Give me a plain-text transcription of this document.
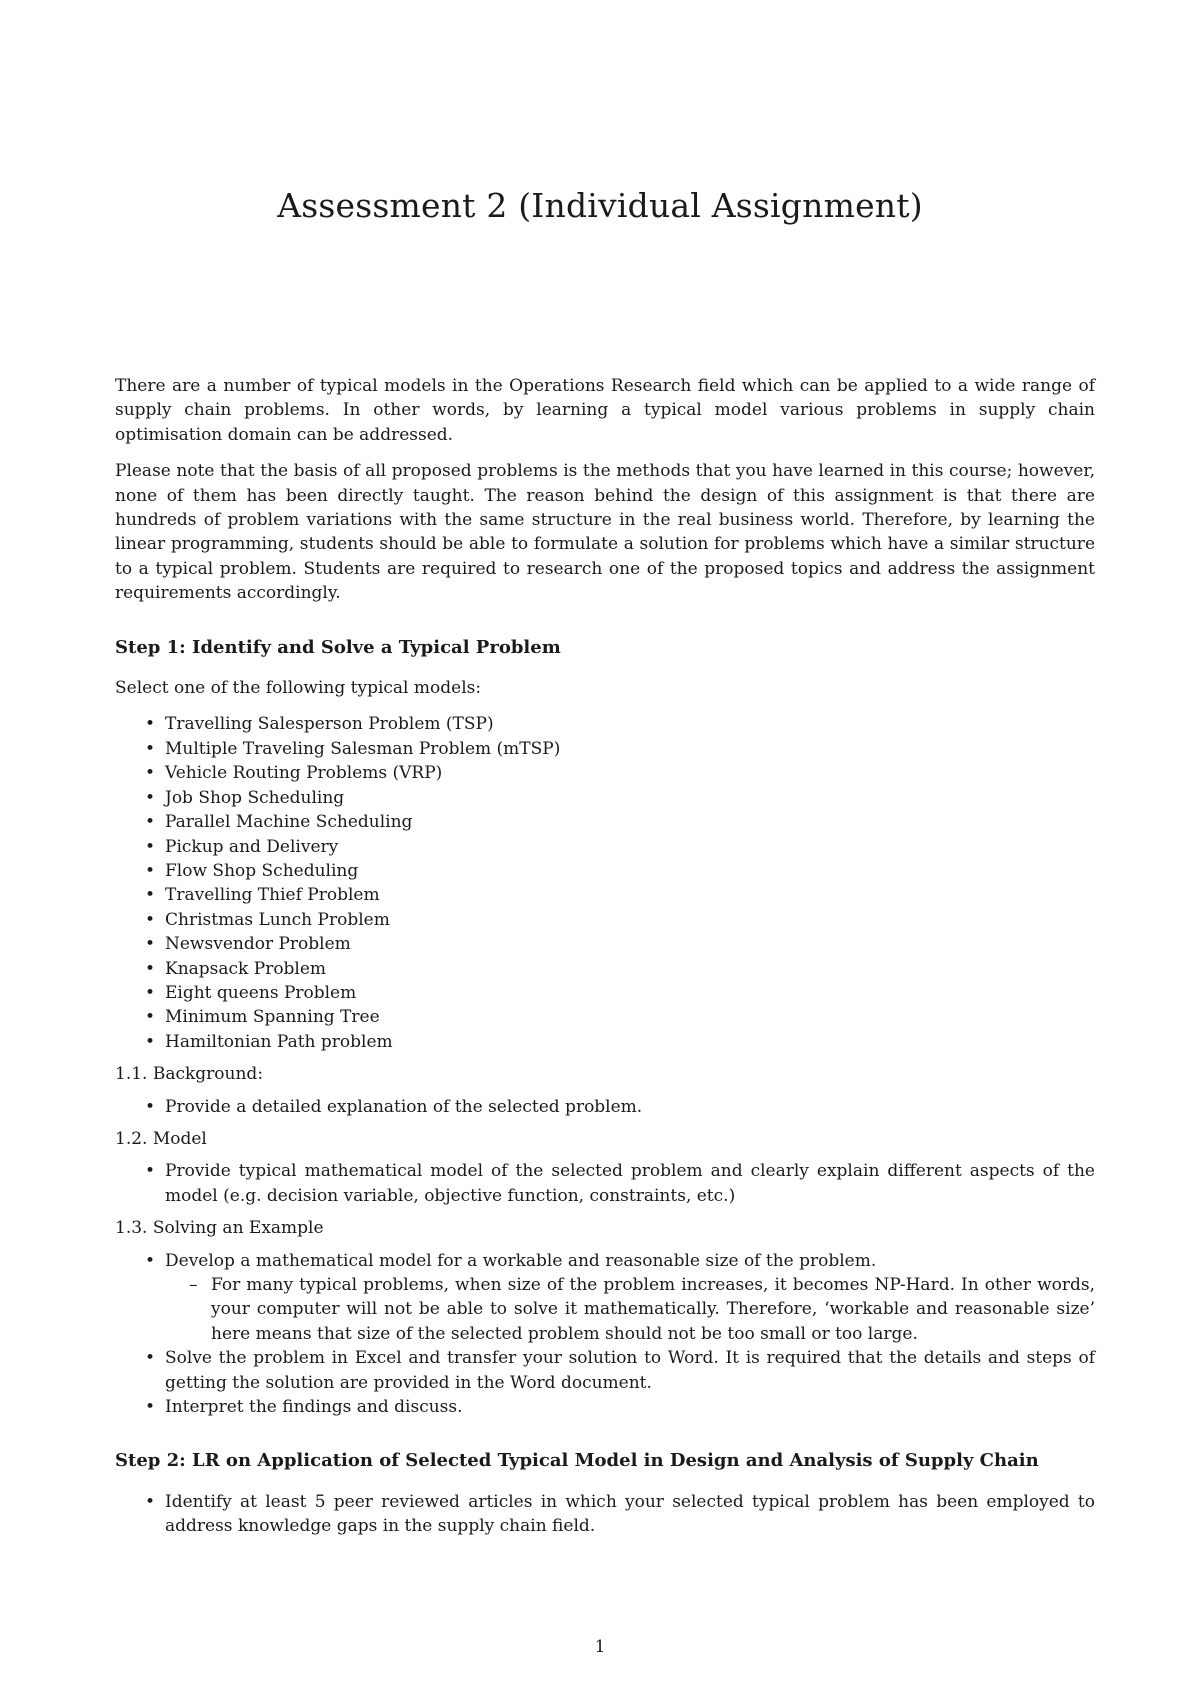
Assessment 2 (Individual Assignment)

There are a number of typical models in the Operations Research field which can be applied to a wide range of supply chain problems. In other words, by learning a typical model various problems in supply chain optimisation domain can be addressed.

Please note that the basis of all proposed problems is the methods that you have learned in this course; however, none of them has been directly taught. The reason behind the design of this assignment is that there are hundreds of problem variations with the same structure in the real business world. Therefore, by learning the linear programming, students should be able to formulate a solution for problems which have a similar structure to a typical problem. Students are required to research one of the proposed topics and address the assignment requirements accordingly.

Step 1: Identify and Solve a Typical Problem

Select one of the following typical models:

• Travelling Salesperson Problem (TSP)
• Multiple Traveling Salesman Problem (mTSP)
• Vehicle Routing Problems (VRP)
• Job Shop Scheduling
• Parallel Machine Scheduling
• Pickup and Delivery
• Flow Shop Scheduling
• Travelling Thief Problem
• Christmas Lunch Problem
• Newsvendor Problem
• Knapsack Problem
• Eight queens Problem
• Minimum Spanning Tree
• Hamiltonian Path problem
1.1. Background:
• Provide a detailed explanation of the selected problem.
1.2. Model
• Provide typical mathematical model of the selected problem and clearly explain different aspects of the model (e.g. decision variable, objective function, constraints, etc.)
1.3. Solving an Example
• Develop a mathematical model for a workable and reasonable size of the problem.
– For many typical problems, when size of the problem increases, it becomes NP-Hard. In other words, your computer will not be able to solve it mathematically. Therefore, ‘workable and reasonable size’ here means that size of the selected problem should not be too small or too large.
• Solve the problem in Excel and transfer your solution to Word. It is required that the details and steps of getting the solution are provided in the Word document.
• Interpret the findings and discuss.
Step 2: LR on Application of Selected Typical Model in Design and Analysis of Supply Chain
• Identify at least 5 peer reviewed articles in which your selected typical problem has been employed to address knowledge gaps in the supply chain field.
1
